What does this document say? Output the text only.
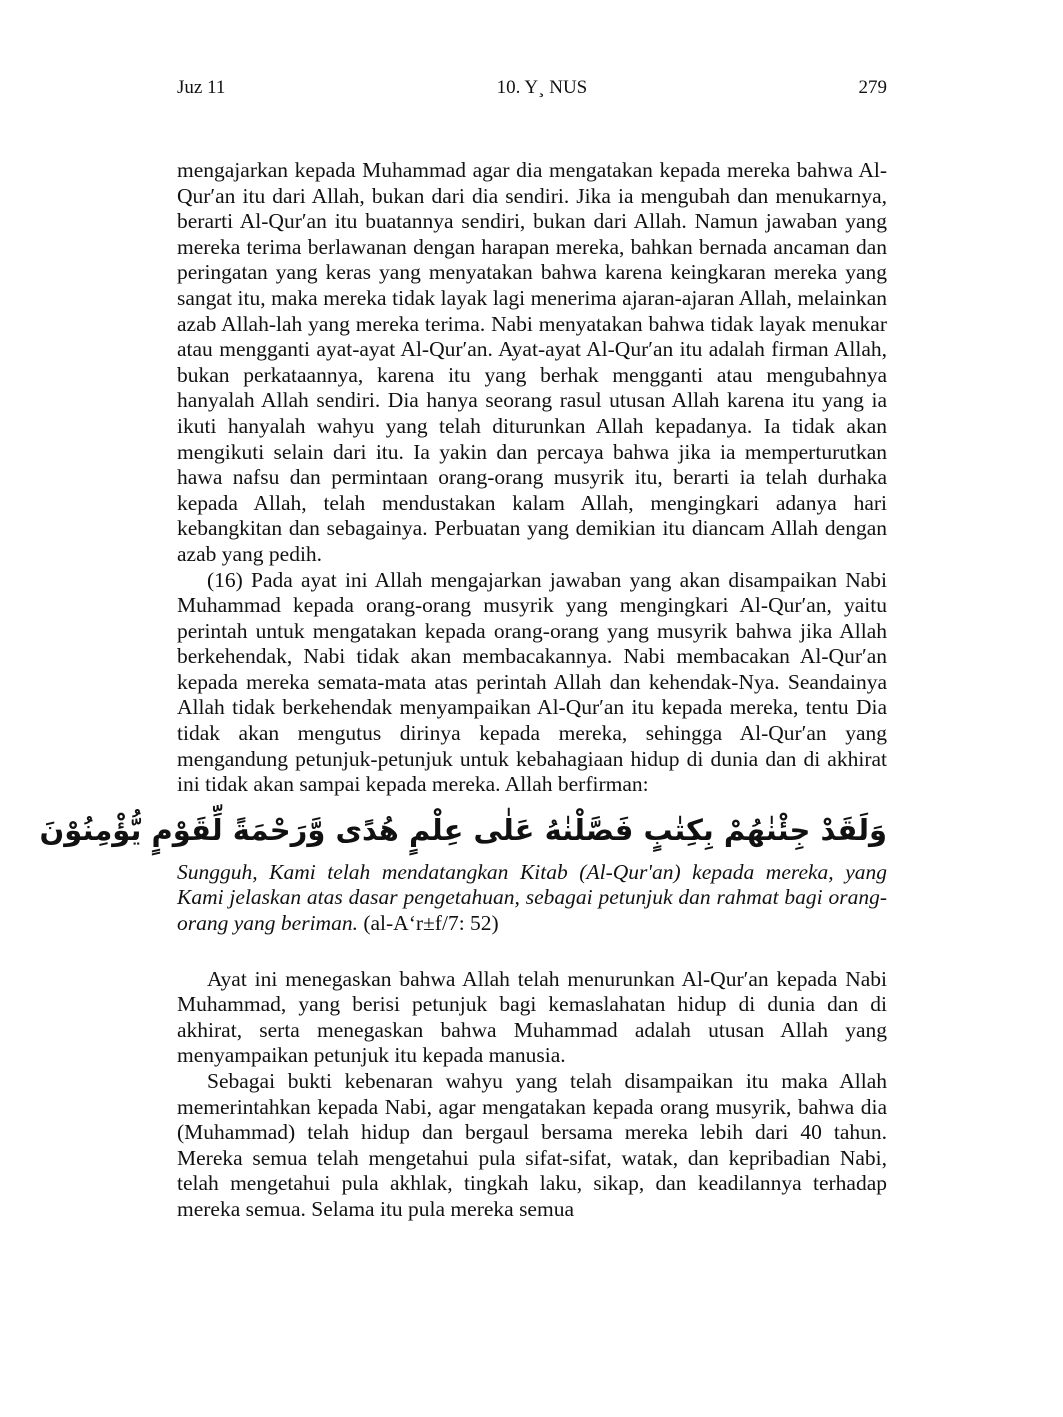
Juz 11	10. Y¸ NUS	279

mengajarkan kepada Muhammad agar dia mengatakan kepada mereka bahwa Al-Qur′an itu dari Allah, bukan dari dia sendiri. Jika ia mengubah dan menukarnya, berarti Al-Qur′an itu buatannya sendiri, bukan dari Allah. Namun jawaban yang mereka terima berlawanan dengan harapan mereka, bahkan bernada ancaman dan peringatan yang keras yang menyatakan bahwa karena keingkaran mereka yang sangat itu, maka mereka tidak layak lagi menerima ajaran-ajaran Allah, melainkan azab Allah-lah yang mereka terima. Nabi menyatakan bahwa tidak layak menukar atau mengganti ayat-ayat Al-Qur′an. Ayat-ayat Al-Qur′an itu adalah firman Allah, bukan perkataannya, karena itu yang berhak mengganti atau mengubahnya hanyalah Allah sendiri. Dia hanya seorang rasul utusan Allah karena itu yang ia ikuti hanyalah wahyu yang telah diturunkan Allah kepadanya. Ia tidak akan mengikuti selain dari itu. Ia yakin dan percaya bahwa jika ia memperturutkan hawa nafsu dan permintaan orang-orang musyrik itu, berarti ia telah durhaka kepada Allah, telah mendustakan kalam Allah, mengingkari adanya hari kebangkitan dan sebagainya. Perbuatan yang demikian itu diancam Allah dengan azab yang pedih.

(16) Pada ayat ini Allah mengajarkan jawaban yang akan disampaikan Nabi Muhammad kepada orang-orang musyrik yang mengingkari Al-Qur′an, yaitu perintah untuk mengatakan kepada orang-orang yang musyrik bahwa jika Allah berkehendak, Nabi tidak akan membacakannya. Nabi membacakan Al-Qur′an kepada mereka semata-mata atas perintah Allah dan kehendak-Nya. Seandainya Allah tidak berkehendak menyampaikan Al-Qur′an itu kepada mereka, tentu Dia tidak akan mengutus dirinya kepada mereka, sehingga Al-Qur′an yang mengandung petunjuk-petunjuk untuk kebahagiaan hidup di dunia dan di akhirat ini tidak akan sampai kepada mereka. Allah berfirman:

وَلَقَدْ جِئْنٰهُمْ بِكِتٰبٍ فَصَّلْنٰهُ عَلٰى عِلْمٍ هُدًى وَّرَحْمَةً لِّقَوْمٍ يُّؤْمِنُوْنَ

Sungguh, Kami telah mendatangkan Kitab (Al-Qur'an) kepada mereka, yang Kami jelaskan atas dasar pengetahuan, sebagai petunjuk dan rahmat bagi orang-orang yang beriman. (al-A‘r±f/7: 52)

Ayat ini menegaskan bahwa Allah telah menurunkan Al-Qur′an kepada Nabi Muhammad, yang berisi petunjuk bagi kemaslahatan hidup di dunia dan di akhirat, serta menegaskan bahwa Muhammad adalah utusan Allah yang menyampaikan petunjuk itu kepada manusia.

Sebagai bukti kebenaran wahyu yang telah disampaikan itu maka Allah memerintahkan kepada Nabi, agar mengatakan kepada orang musyrik, bahwa dia (Muhammad) telah hidup dan bergaul bersama mereka lebih dari 40 tahun. Mereka semua telah mengetahui pula sifat-sifat, watak, dan kepribadian Nabi, telah mengetahui pula akhlak, tingkah laku, sikap, dan keadilannya terhadap mereka semua. Selama itu pula mereka semua
